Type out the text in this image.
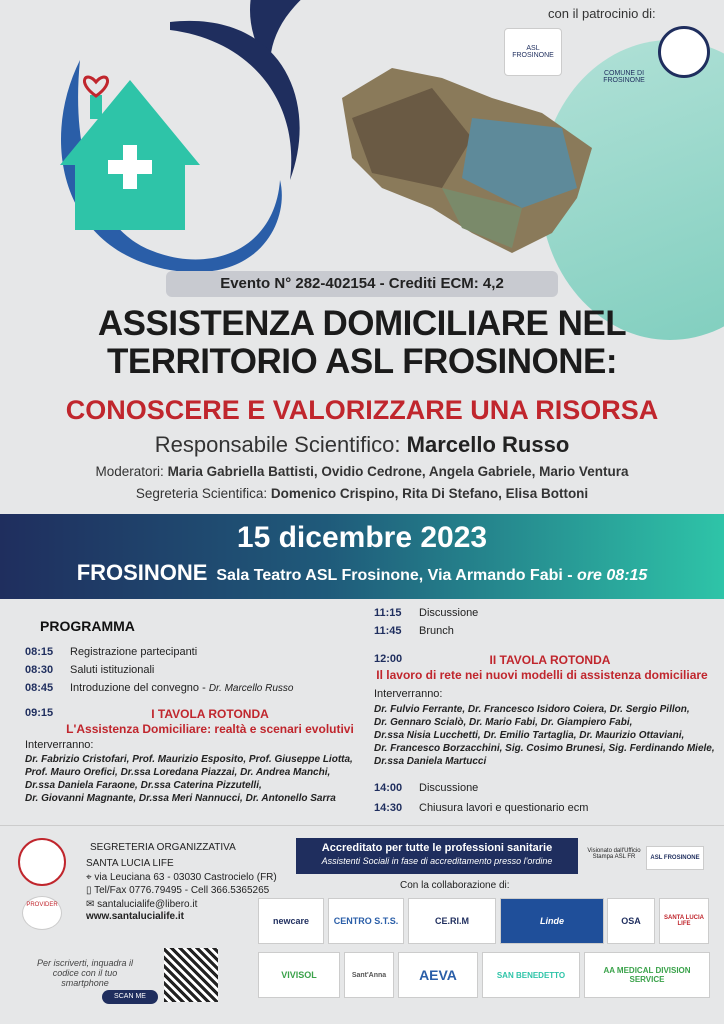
con il patrocinio di:
ASL FROSINONE
COMUNE DI FROSINONE
Evento N° 282-402154 - Crediti ECM: 4,2
ASSISTENZA DOMICILIARE NEL
TERRITORIO ASL FROSINONE:
CONOSCERE E VALORIZZARE UNA RISORSA
Responsabile Scientifico: Marcello Russo
Moderatori: Maria Gabriella Battisti, Ovidio Cedrone, Angela Gabriele, Mario Ventura
Segreteria Scientifica: Domenico Crispino, Rita Di Stefano, Elisa Bottoni
15 dicembre 2023
FROSINONE Sala Teatro ASL Frosinone, Via Armando Fabi - ore 08:15
PROGRAMMA
08:15 Registrazione partecipanti
08:30 Saluti istituzionali
08:45 Introduzione del convegno - Dr. Marcello Russo
09:15	I TAVOLA ROTONDA
L'Assistenza Domiciliare: realtà e scenari evolutivi
Interverranno:
Dr. Fabrizio Cristofari, Prof. Maurizio Esposito, Prof. Giuseppe Liotta,
Prof. Mauro Orefici, Dr.ssa Loredana Piazzai, Dr. Andrea Manchi,
Dr.ssa Daniela Faraone, Dr.ssa Caterina Pizzutelli,
Dr. Giovanni Magnante, Dr.ssa Meri Nannucci, Dr. Antonello Sarra
11:15 Discussione
11:45 Brunch
12:00	II TAVOLA ROTONDA
Il lavoro di rete nei nuovi modelli di assistenza domiciliare
Interverranno:
Dr. Fulvio Ferrante, Dr. Francesco Isidoro Coiera, Dr. Sergio Pillon,
Dr. Gennaro Scialò, Dr. Mario Fabi, Dr. Giampiero Fabi,
Dr.ssa Nisia Lucchetti, Dr. Emilio Tartaglia, Dr. Maurizio Ottaviani,
Dr. Francesco Borzacchini, Sig. Cosimo Brunesi, Sig. Ferdinando Miele,
Dr.ssa Daniela Martucci
14:00 Discussione
14:30 Chiusura lavori e questionario ecm
PROVIDER
SEGRETERIA ORGANIZZATIVA
SANTA LUCIA LIFE
⌖ via Leuciana 63 - 03030 Castrocielo (FR)
▯ Tel/Fax 0776.79495 - Cell 366.5365265
✉ santalucialife@libero.it
www.santalucialife.it
Accreditato per tutte le professioni sanitarie
Assistenti Sociali in fase di accreditamento presso l'ordine
Visionato dall'Ufficio Stampa ASL FR	ASL FROSINONE
Con la collaborazione di:
newcare	CENTRO S.T.S.	CE.RI.M	Linde	OSA	SANTA LUCIA LIFE
VIVISOL	Sant'Anna	AEVA	SAN BENEDETTO	AA MEDICAL DIVISION SERVICE
Per iscriverti, inquadra il codice con il tuo smartphone
SCAN ME
